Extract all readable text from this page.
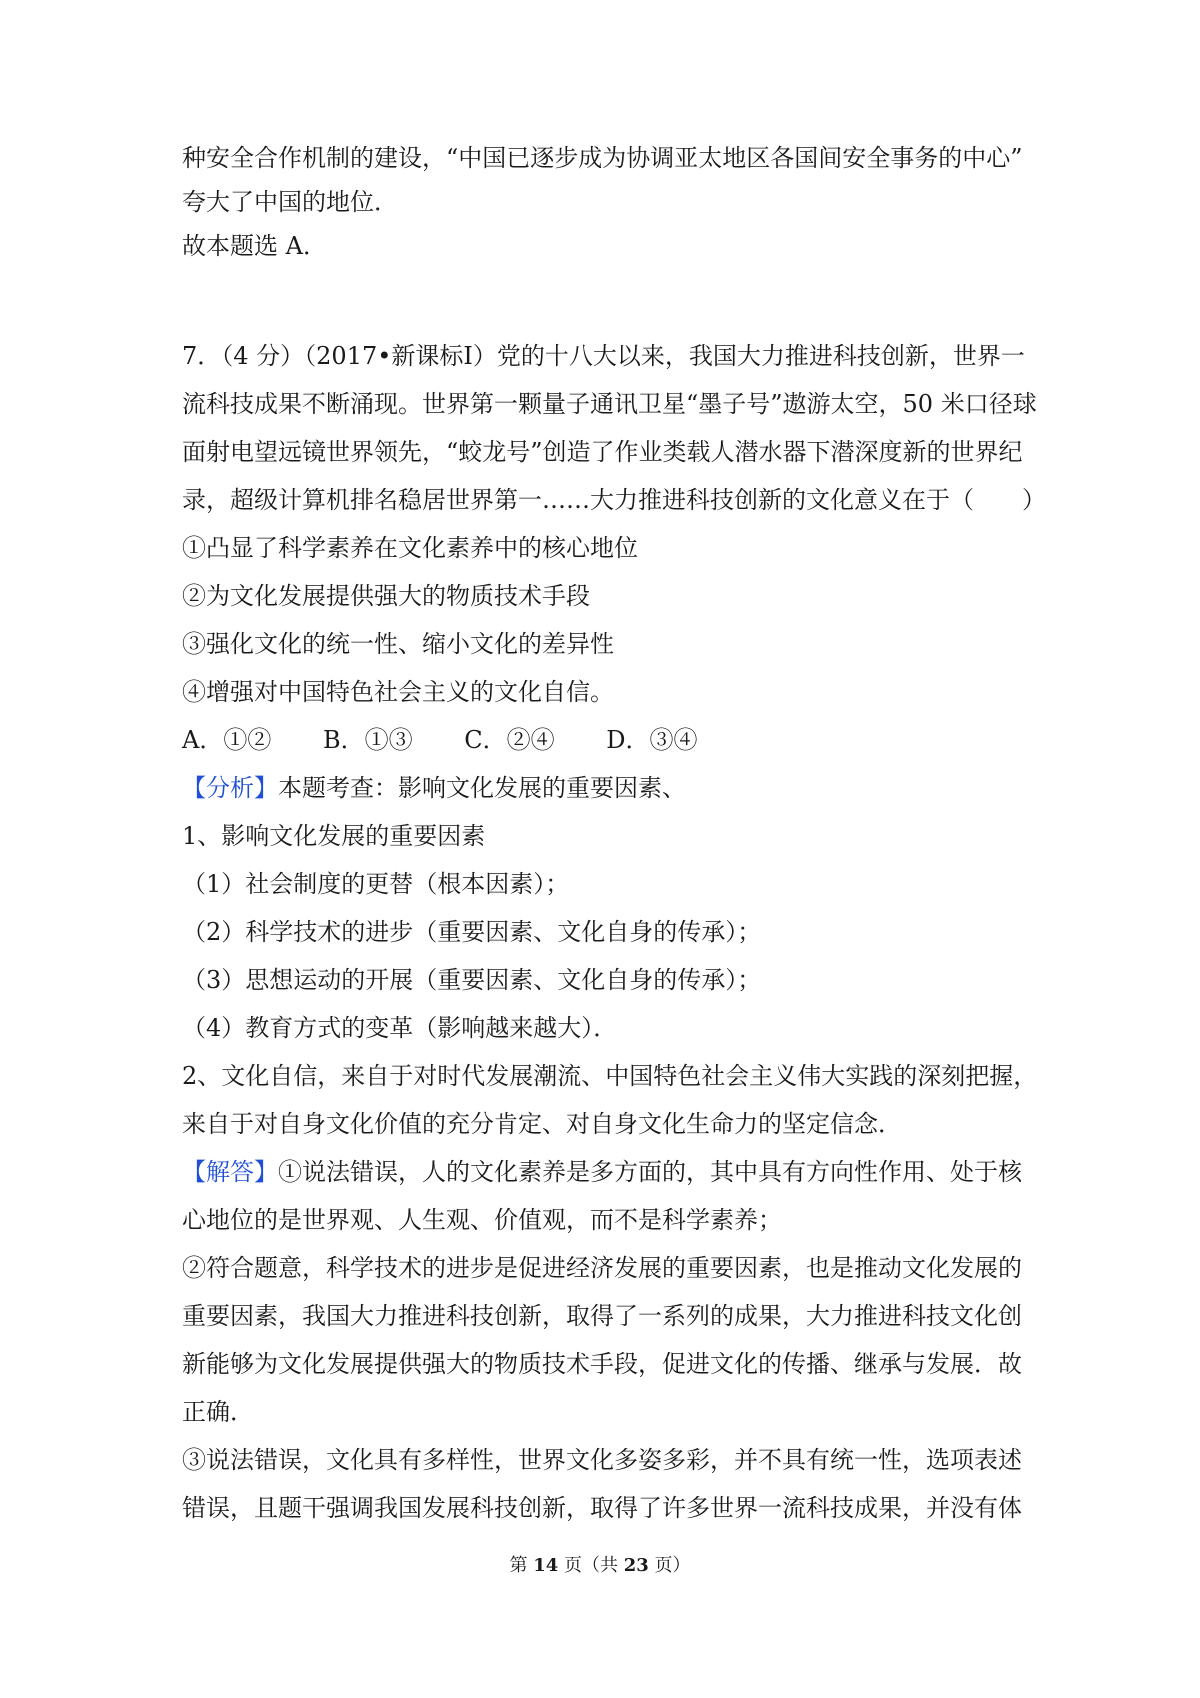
种安全合作机制的建设，“中国已逐步成为协调亚太地区各国间安全事务的中心”
夸大了中国的地位．
故本题选 A．
7．（4 分）（2017•新课标Ⅰ）党的十八大以来，我国大力推进科技创新，世界一
流科技成果不断涌现。世界第一颗量子通讯卫星“墨子号”遨游太空，50 米口径球
面射电望远镜世界领先，“蛟龙号”创造了作业类载人潜水器下潜深度新的世界纪
录，超级计算机排名稳居世界第一……大力推进科技创新的文化意义在于（　　）
①凸显了科学素养在文化素养中的核心地位
②为文化发展提供强大的物质技术手段
③强化文化的统一性、缩小文化的差异性
④增强对中国特色社会主义的文化自信。
A．①② B．①③ C．②④ D．③④
【分析】本题考查：影响文化发展的重要因素、
1、影响文化发展的重要因素
（1）社会制度的更替（根本因素）；
（2）科学技术的进步（重要因素、文化自身的传承）；
（3）思想运动的开展（重要因素、文化自身的传承）；
（4）教育方式的变革（影响越来越大）．
2、文化自信，来自于对时代发展潮流、中国特色社会主义伟大实践的深刻把握，
来自于对自身文化价值的充分肯定、对自身文化生命力的坚定信念．
【解答】①说法错误，人的文化素养是多方面的，其中具有方向性作用、处于核
心地位的是世界观、人生观、价值观，而不是科学素养；
②符合题意，科学技术的进步是促进经济发展的重要因素，也是推动文化发展的
重要因素，我国大力推进科技创新，取得了一系列的成果，大力推进科技文化创
新能够为文化发展提供强大的物质技术手段，促进文化的传播、继承与发展．故
正确．
③说法错误，文化具有多样性，世界文化多姿多彩，并不具有统一性，选项表述
错误，且题干强调我国发展科技创新，取得了许多世界一流科技成果，并没有体
第 14 页（共 23 页）
